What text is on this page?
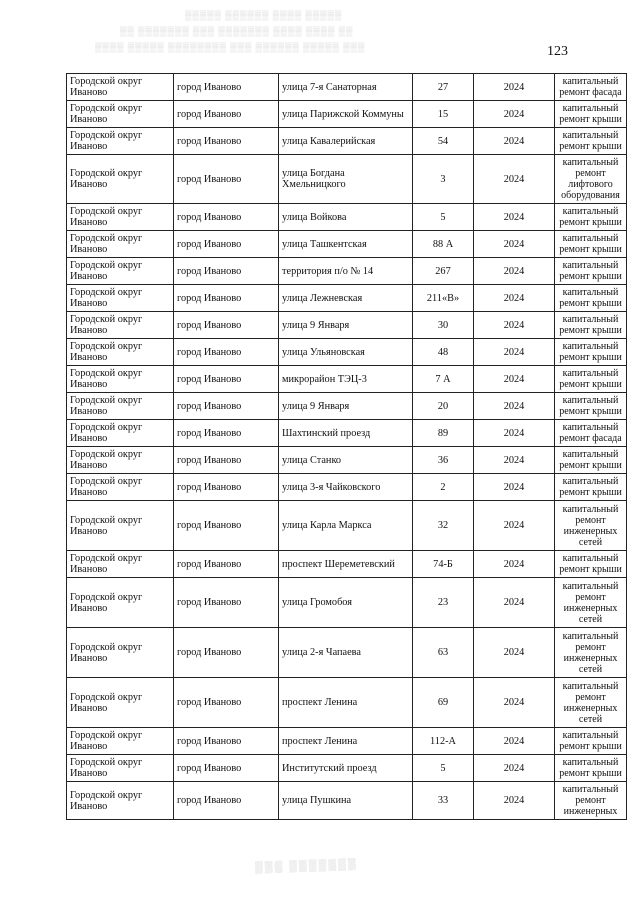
▒▒▒▒▒ ▒▒▒▒▒▒ ▒▒▒▒ ▒▒▒▒▒
▒▒ ▒▒▒▒▒▒▒ ▒▒▒ ▒▒▒▒▒▒▒ ▒▒▒▒ ▒▒▒▒ ▒▒
▒▒▒▒ ▒▒▒▒▒ ▒▒▒▒▒▒▒▒ ▒▒▒ ▒▒▒▒▒▒ ▒▒▒▒▒ ▒▒▒	123
Городской округ Иваново	город Иваново	улица 7-я Санаторная	27	2024	капитальный ремонт фасада
Городской округ Иваново	город Иваново	улица Парижской Коммуны	15	2024	капитальный ремонт крыши
Городской округ Иваново	город Иваново	улица Кавалерийская	54	2024	капитальный ремонт крыши
Городской округ Иваново	город Иваново	улица Богдана Хмельницкого	3	2024	капитальный ремонт лифтового оборудования
Городской округ Иваново	город Иваново	улица Войкова	5	2024	капитальный ремонт крыши
Городской округ Иваново	город Иваново	улица Ташкентская	88 А	2024	капитальный ремонт крыши
Городской округ Иваново	город Иваново	территория п/о № 14	267	2024	капитальный ремонт крыши
Городской округ Иваново	город Иваново	улица Лежневская	211«В»	2024	капитальный ремонт крыши
Городской округ Иваново	город Иваново	улица 9 Января	30	2024	капитальный ремонт крыши
Городской округ Иваново	город Иваново	улица Ульяновская	48	2024	капитальный ремонт крыши
Городской округ Иваново	город Иваново	микрорайон ТЭЦ-3	7 А	2024	капитальный ремонт крыши
Городской округ Иваново	город Иваново	улица 9 Января	20	2024	капитальный ремонт крыши
Городской округ Иваново	город Иваново	Шахтинский проезд	89	2024	капитальный ремонт фасада
Городской округ Иваново	город Иваново	улица Станко	36	2024	капитальный ремонт крыши
Городской округ Иваново	город Иваново	улица 3-я Чайковского	2	2024	капитальный ремонт крыши
Городской округ Иваново	город Иваново	улица Карла Маркса	32	2024	капитальный ремонт инженерных сетей
Городской округ Иваново	город Иваново	проспект Шереметевский	74-Б	2024	капитальный ремонт крыши
Городской округ Иваново	город Иваново	улица Громобоя	23	2024	капитальный ремонт инженерных сетей
Городской округ Иваново	город Иваново	улица 2-я Чапаева	63	2024	капитальный ремонт инженерных сетей
Городской округ Иваново	город Иваново	проспект Ленина	69	2024	капитальный ремонт инженерных сетей
Городской округ Иваново	город Иваново	проспект Ленина	112-А	2024	капитальный ремонт крыши
Городской округ Иваново	город Иваново	Институтский проезд	5	2024	капитальный ремонт крыши
Городской округ Иваново	город Иваново	улица Пушкина	33	2024	капитальный ремонт инженерных
▒▒▒ ▒▒▒▒▒▒▒
